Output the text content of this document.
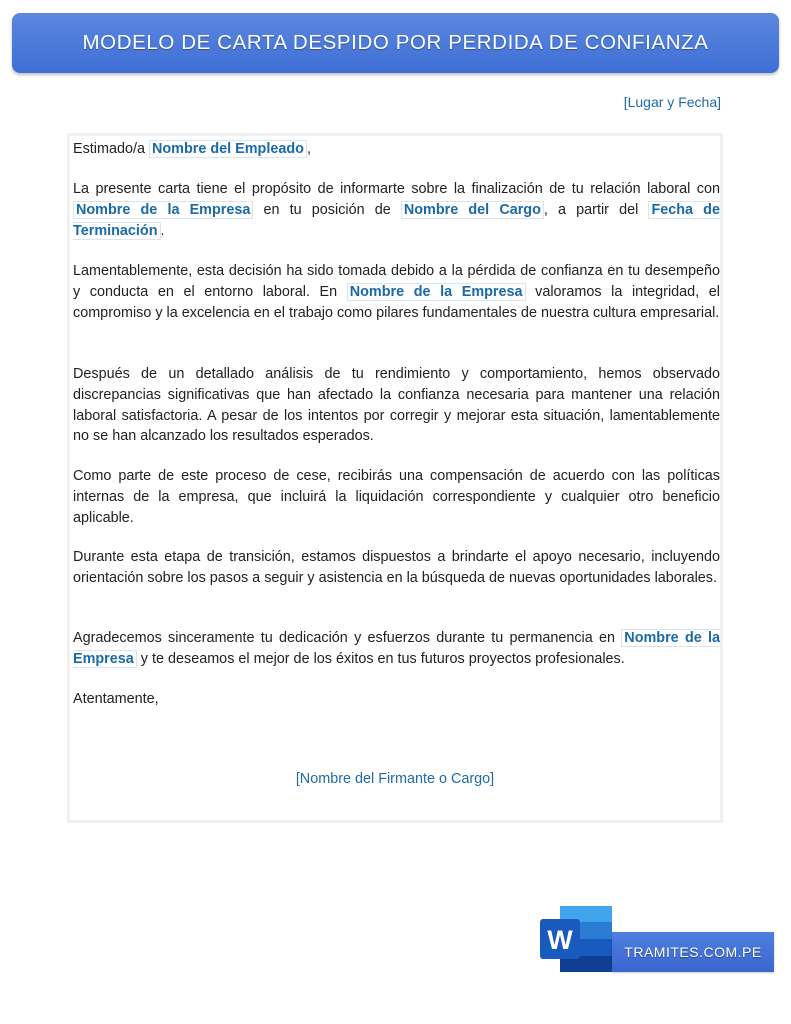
MODELO DE CARTA DESPIDO POR PERDIDA DE CONFIANZA
[Lugar y Fecha]

Estimado/a Nombre del Empleado ,

La presente carta tiene el propósito de informarte sobre la finalización de tu relación laboral con Nombre de la Empresa en tu posición de Nombre del Cargo , a partir del Fecha de Terminación .

Lamentablemente, esta decisión ha sido tomada debido a la pérdida de confianza en tu desempeño y conducta en el entorno laboral. En Nombre de la Empresa valoramos la integridad, el compromiso y la excelencia en el trabajo como pilares fundamentales de nuestra cultura empresarial.

Después de un detallado análisis de tu rendimiento y comportamiento, hemos observado discrepancias significativas que han afectado la confianza necesaria para mantener una relación laboral satisfactoria. A pesar de los intentos por corregir y mejorar esta situación, lamentablemente no se han alcanzado los resultados esperados.

Como parte de este proceso de cese, recibirás una compensación de acuerdo con las políticas internas de la empresa, que incluirá la liquidación correspondiente y cualquier otro beneficio aplicable.

Durante esta etapa de transición, estamos dispuestos a brindarte el apoyo necesario, incluyendo orientación sobre los pasos a seguir y asistencia en la búsqueda de nuevas oportunidades laborales.

Agradecemos sinceramente tu dedicación y esfuerzos durante tu permanencia en Nombre de la Empresa y te deseamos el mejor de los éxitos en tus futuros proyectos profesionales.

Atentamente,

[Nombre del Firmante o Cargo]
W	TRAMITES.COM.PE
